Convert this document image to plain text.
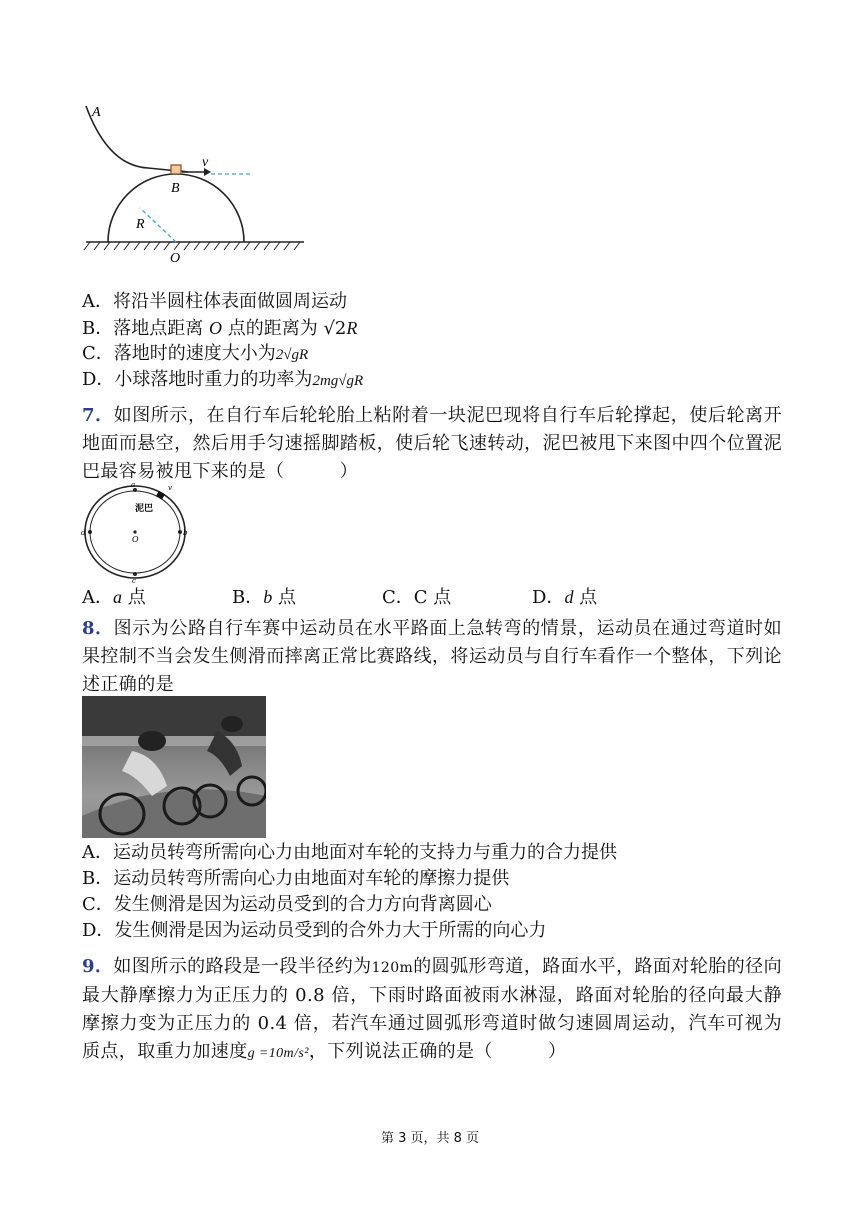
A
v
B
R
O
A．将沿半圆柱体表面做圆周运动
B．落地点距离 O 点的距离为 √2R
C．落地时的速度大小为2√gR
D．小球落地时重力的功率为2mg√gR
7．如图所示，在自行车后轮轮胎上粘附着一块泥巴现将自行车后轮撑起，使后轮离开地面而悬空，然后用手匀速摇脚踏板，使后轮飞速转动，泥巴被甩下来图中四个位置泥巴最容易被甩下来的是（　　　）
a	v
泥巴
b
d
O
c
A．a 点	B．b 点	C．C 点	D．d 点
8．图示为公路自行车赛中运动员在水平路面上急转弯的情景，运动员在通过弯道时如果控制不当会发生侧滑而摔离正常比赛路线，将运动员与自行车看作一个整体，下列论述正确的是
A．运动员转弯所需向心力由地面对车轮的支持力与重力的合力提供
B．运动员转弯所需向心力由地面对车轮的摩擦力提供
C．发生侧滑是因为运动员受到的合力方向背离圆心
D．发生侧滑是因为运动员受到的合外力大于所需的向心力
9．如图所示的路段是一段半径约为120m的圆弧形弯道，路面水平，路面对轮胎的径向最大静摩擦力为正压力的 0.8 倍，下雨时路面被雨水淋湿，路面对轮胎的径向最大静摩擦力变为正压力的 0.4 倍，若汽车通过圆弧形弯道时做匀速圆周运动，汽车可视为质点，取重力加速度g =10m/s²，下列说法正确的是（　　　）
第 3 页，共 8 页
